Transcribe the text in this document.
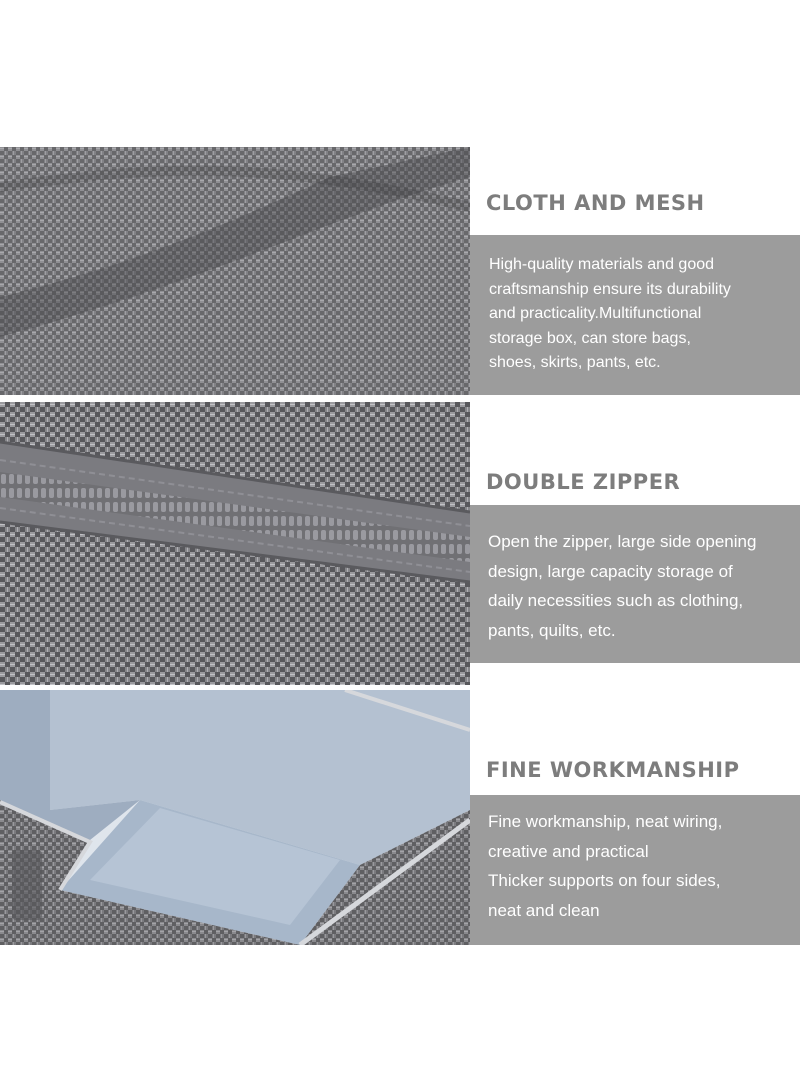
CLOTH AND MESH
High-quality materials and good
craftsmanship ensure its durability
and practicality.Multifunctional
storage box, can store bags,
shoes, skirts, pants, etc.
DOUBLE ZIPPER
Open the zipper, large side opening
design, large capacity storage of
daily necessities such as clothing,
pants, quilts, etc.
FINE WORKMANSHIP
Fine workmanship, neat wiring,
creative and practical
Thicker supports on four sides,
neat and clean
